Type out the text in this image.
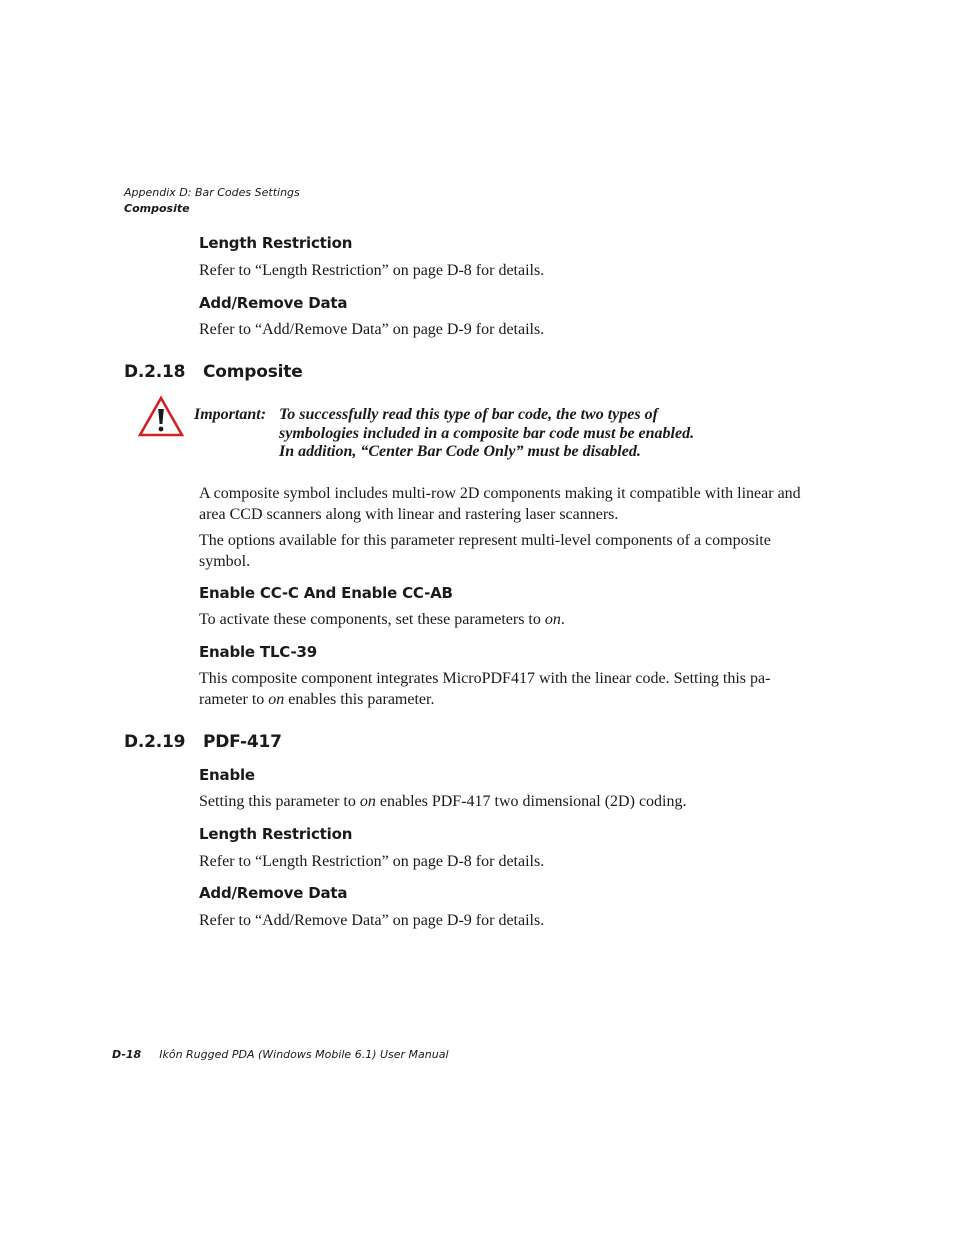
Appendix D: Bar Codes Settings
Composite
Length Restriction
Refer to “Length Restriction” on page D-8 for details.
Add/Remove Data
Refer to “Add/Remove Data” on page D-9 for details.
D.2.18 Composite
Important: To successfully read this type of bar code, the two types of
symbologies included in a composite bar code must be enabled.
In addition, “Center Bar Code Only” must be disabled.
A composite symbol includes multi-row 2D components making it compatible with linear and area CCD scanners along with linear and rastering laser scanners.
The options available for this parameter represent multi-level components of a composite symbol.
Enable CC-C And Enable CC-AB
To activate these components, set these parameters to on.
Enable TLC-39
This composite component integrates MicroPDF417 with the linear code. Setting this pa-
rameter to on enables this parameter.
D.2.19 PDF-417
Enable
Setting this parameter to on enables PDF-417 two dimensional (2D) coding.
Length Restriction
Refer to “Length Restriction” on page D-8 for details.
Add/Remove Data
Refer to “Add/Remove Data” on page D-9 for details.
D-18 Ikôn Rugged PDA (Windows Mobile 6.1) User Manual
